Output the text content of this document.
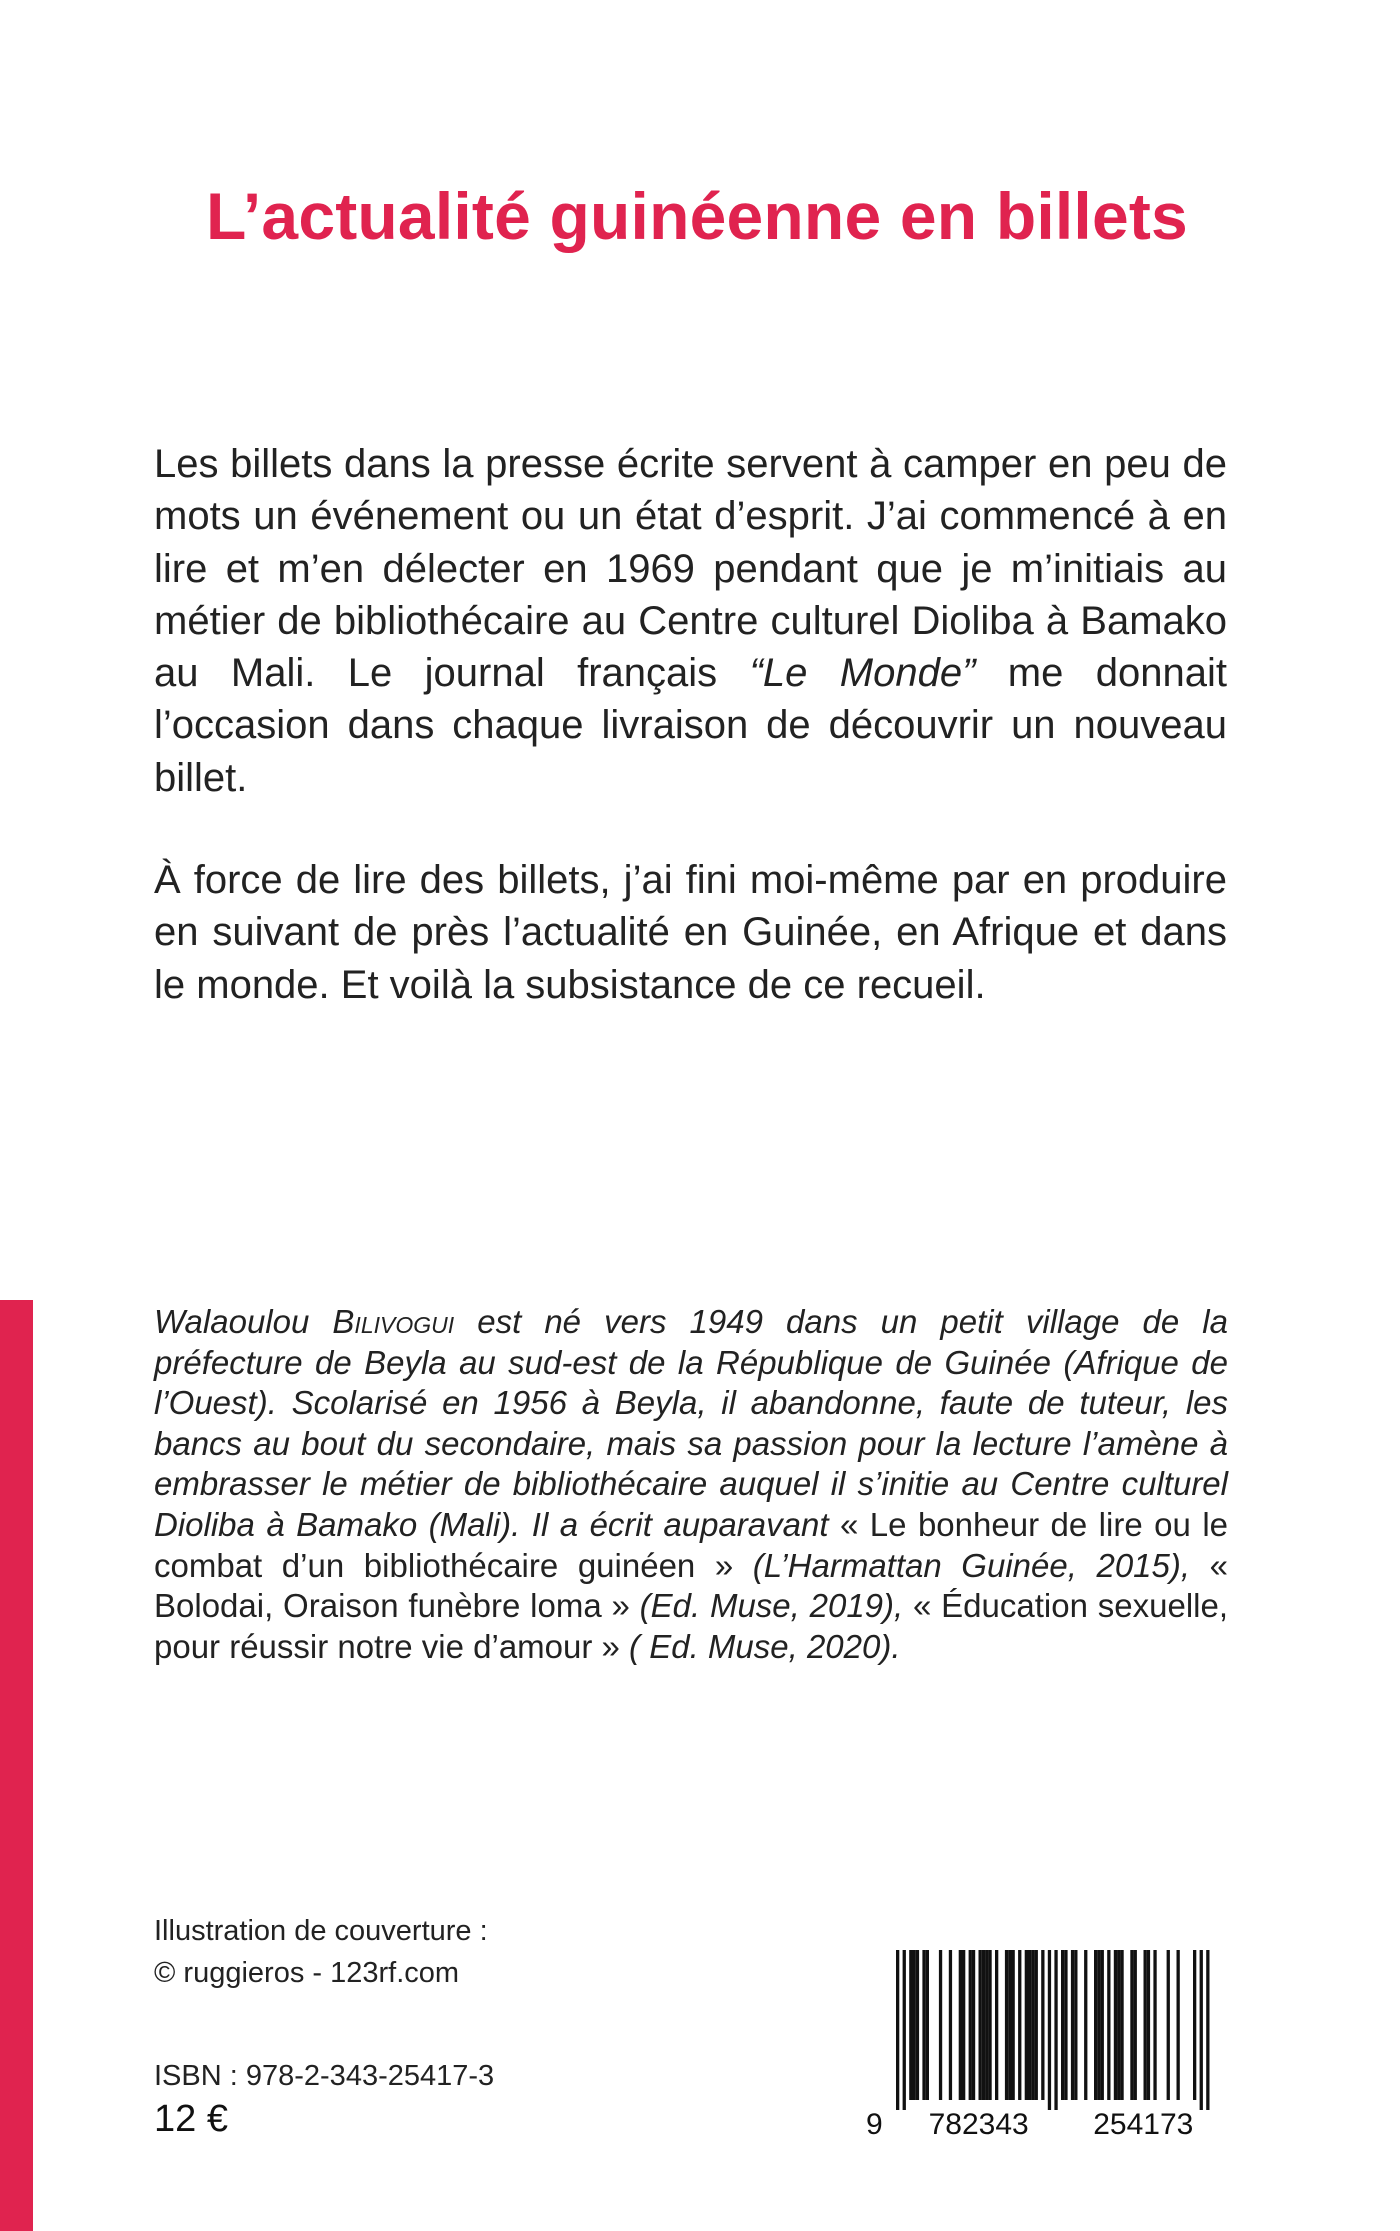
L’actualité guinéenne en billets

Les billets dans la presse écrite servent à camper en peu de mots un événement ou un état d’esprit. J’ai commencé à en lire et m’en délecter en 1969 pendant que je m’initiais au métier de bibliothécaire au Centre culturel Dioliba à Bamako au Mali. Le journal français “Le Monde” me donnait l’occasion dans chaque livraison de découvrir un nouveau billet.

À force de lire des billets, j’ai fini moi-même par en produire en suivant de près l’actualité en Guinée, en Afrique et dans le monde. Et voilà la subsistance de ce recueil.

Walaoulou Bilivogui est né vers 1949 dans un petit village de la préfecture de Beyla au sud-est de la République de Guinée (Afrique de l’Ouest). Scolarisé en 1956 à Beyla, il abandonne, faute de tuteur, les bancs au bout du secondaire, mais sa passion pour la lecture l’amène à embrasser le métier de bibliothécaire auquel il s’initie au Centre culturel Dioliba à Bamako (Mali). Il a écrit auparavant « Le bonheur de lire ou le combat d’un bibliothécaire guinéen » (L’Harmattan Guinée, 2015), « Bolodai, Oraison funèbre loma » (Ed. Muse, 2019), « Éducation sexuelle, pour réussir notre vie d’amour » ( Ed. Muse, 2020).

Illustration de couverture :
© ruggieros - 123rf.com
ISBN : 978-2-343-25417-3
12 €	9	782343	254173
